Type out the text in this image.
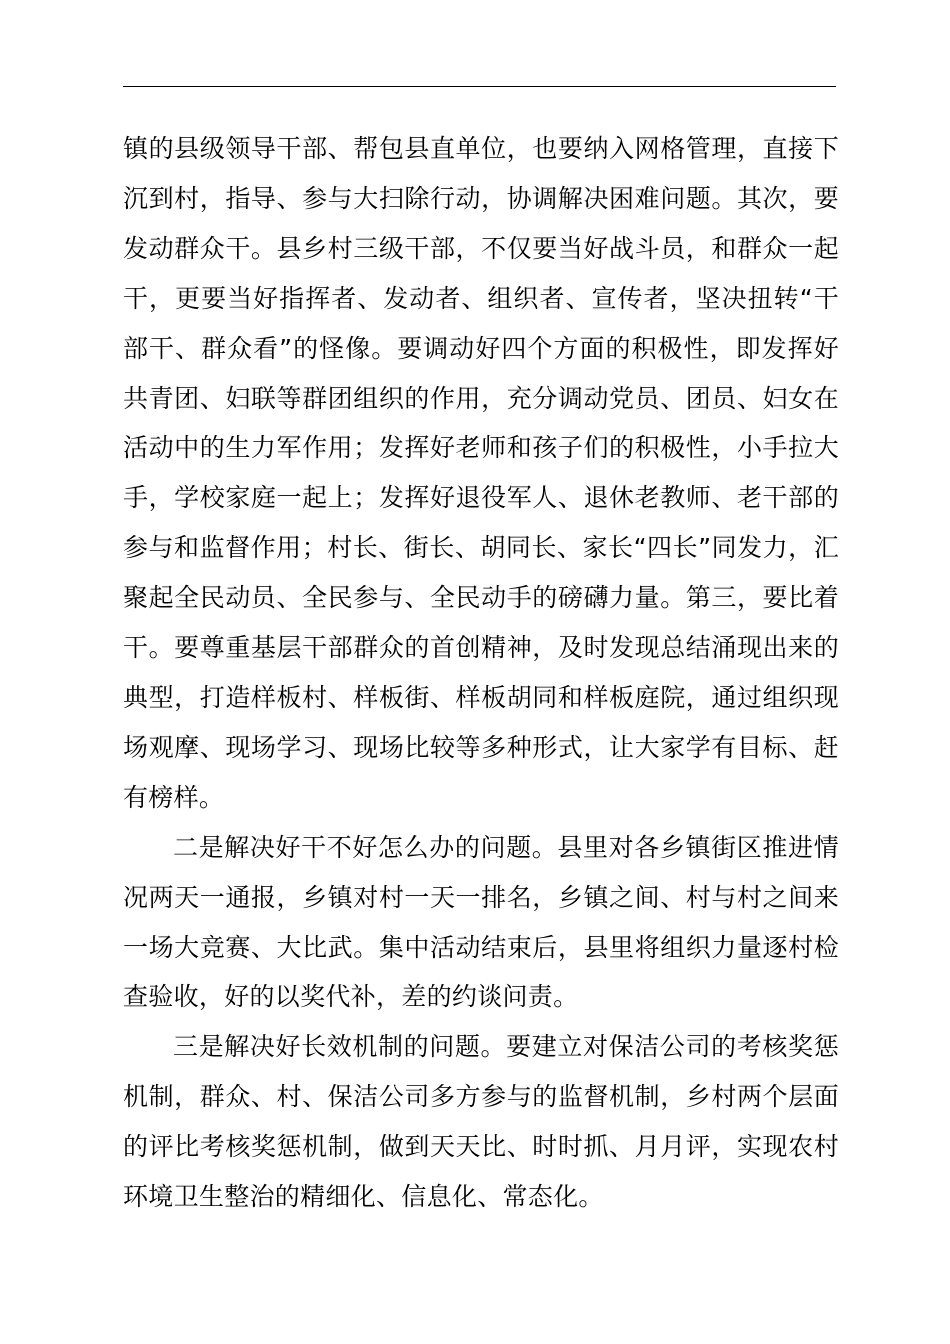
镇的县级领导干部、帮包县直单位，也要纳入网格管理，直接下沉到村，指导、参与大扫除行动，协调解决困难问题。其次，要发动群众干。县乡村三级干部，不仅要当好战斗员，和群众一起干，更要当好指挥者、发动者、组织者、宣传者，坚决扭转“干部干、群众看”的怪像。要调动好四个方面的积极性，即发挥好共青团、妇联等群团组织的作用，充分调动党员、团员、妇女在活动中的生力军作用；发挥好老师和孩子们的积极性，小手拉大手，学校家庭一起上；发挥好退役军人、退休老教师、老干部的参与和监督作用；村长、街长、胡同长、家长“四长”同发力，汇聚起全民动员、全民参与、全民动手的磅礴力量。第三，要比着干。要尊重基层干部群众的首创精神，及时发现总结涌现出来的典型，打造样板村、样板街、样板胡同和样板庭院，通过组织现场观摩、现场学习、现场比较等多种形式，让大家学有目标、赶有榜样。

二是解决好干不好怎么办的问题。县里对各乡镇街区推进情况两天一通报，乡镇对村一天一排名，乡镇之间、村与村之间来一场大竞赛、大比武。集中活动结束后，县里将组织力量逐村检查验收，好的以奖代补，差的约谈问责。

三是解决好长效机制的问题。要建立对保洁公司的考核奖惩机制，群众、村、保洁公司多方参与的监督机制，乡村两个层面的评比考核奖惩机制，做到天天比、时时抓、月月评，实现农村环境卫生整治的精细化、信息化、常态化。
